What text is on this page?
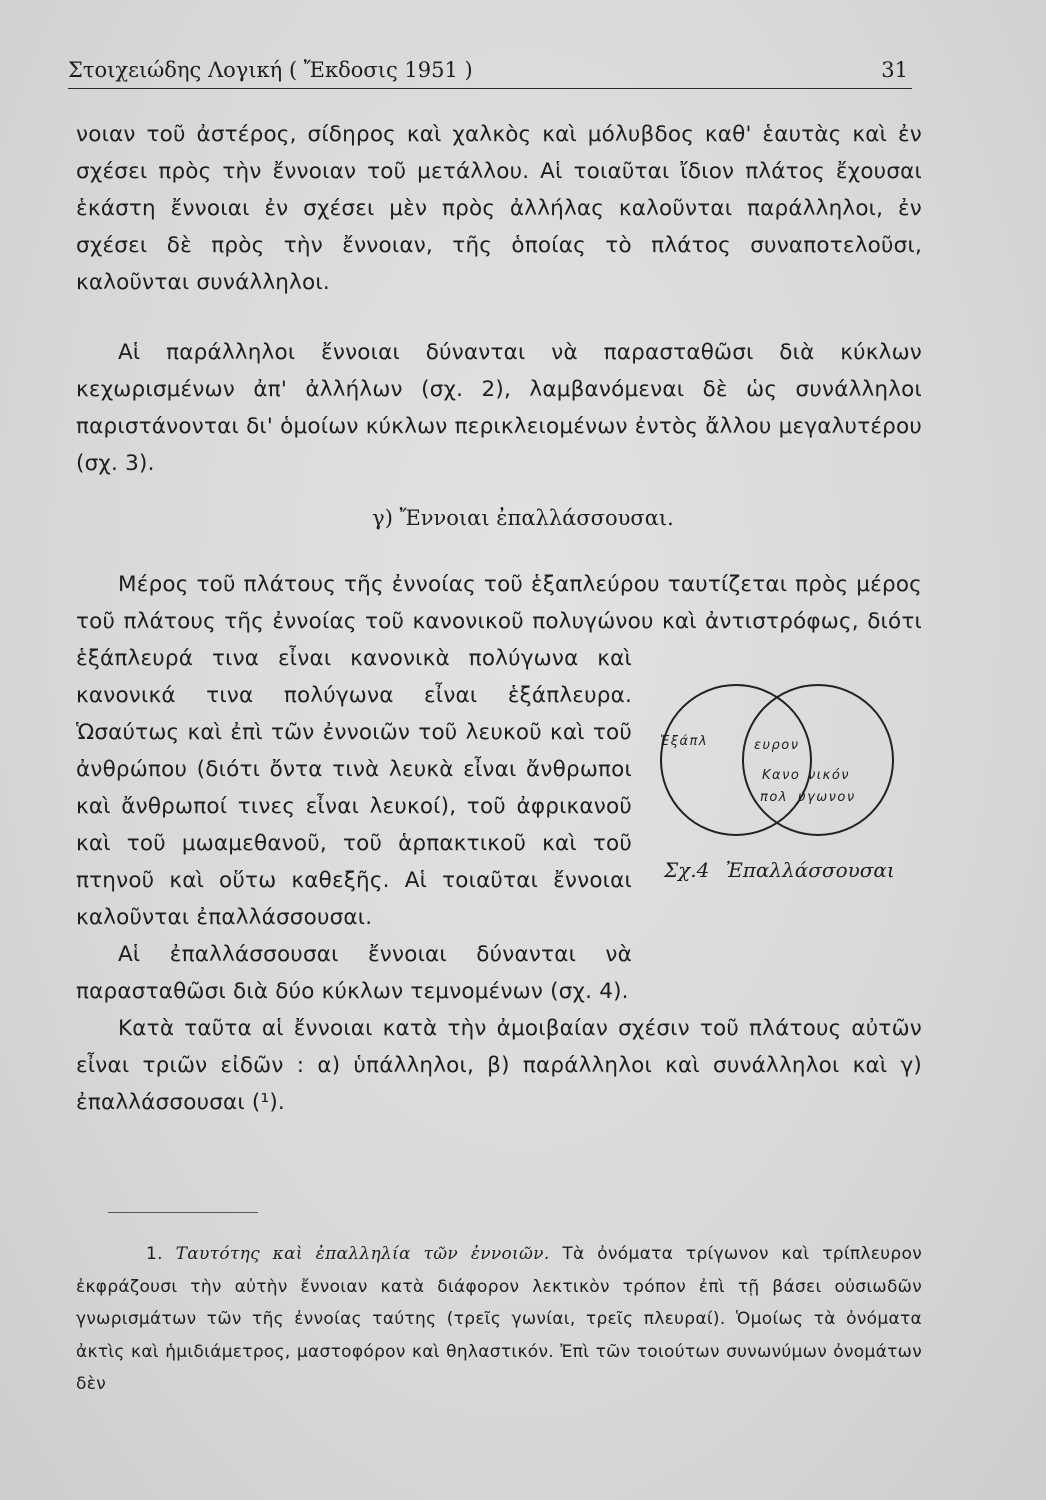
Στοιχειώδης Λογική ( Ἔκδοσις 1951 )	31

νοιαν τοῦ ἀστέρος, σίδηρος καὶ χαλκὸς καὶ μόλυβδος καθ' ἑαυτὰς καὶ ἐν σχέσει πρὸς τὴν ἔννοιαν τοῦ μετάλλου. Αἱ τοιαῦται ἴδιον πλάτος ἔχουσαι ἑκάστη ἔννοιαι ἐν σχέσει μὲν πρὸς ἀλλήλας καλοῦνται παράλληλοι, ἐν σχέσει δὲ πρὸς τὴν ἔννοιαν, τῆς ὁποίας τὸ πλάτος συναποτελοῦσι, καλοῦνται συνάλληλοι.

Αἱ παράλληλοι ἔννοιαι δύνανται νὰ παρασταθῶσι διὰ κύκλων κεχωρισμένων ἀπ' ἀλλήλων (σχ. 2), λαμβανόμεναι δὲ ὡς συνάλληλοι παριστάνονται δι' ὁμοίων κύκλων περικλειομένων ἐντὸς ἄλλου μεγαλυτέρου (σχ. 3).

γ) Ἔννοιαι ἐπαλλάσσουσαι.

Μέρος τοῦ πλάτους τῆς ἐννοίας τοῦ ἑξαπλεύρου ταυτίζεται πρὸς μέρος τοῦ πλάτους τῆς ἐννοίας τοῦ κανονικοῦ πολυγώνου καὶ ἀντιστρόφως, διότι ἑξάπλευρά τινα εἶναι κανονικὰ πολύγωνα καὶ κανονικά τινα πολύγωνα εἶναι ἑξάπλευρα. Ὡσαύτως καὶ ἐπὶ τῶν ἐννοιῶν τοῦ λευκοῦ καὶ τοῦ ἀνθρώπου (διότι ὄντα τινὰ λευκὰ εἶναι ἄνθρωποι καὶ ἄνθρωποί τινες εἶναι λευκοί), τοῦ ἀφρικανοῦ καὶ τοῦ μωαμεθανοῦ, τοῦ ἁρπακτικοῦ καὶ τοῦ πτηνοῦ καὶ οὕτω καθεξῆς. Αἱ τοιαῦται ἔννοιαι καλοῦνται ἐπαλλάσσουσαι.

Αἱ ἐπαλλάσσουσαι ἔννοιαι δύνανται νὰ παρασταθῶσι διὰ δύο κύκλων τεμνομένων (σχ. 4).

Κατὰ ταῦτα αἱ ἔννοιαι κατὰ τὴν ἀμοιβαίαν σχέσιν τοῦ πλάτους αὐτῶν εἶναι τριῶν εἰδῶν : α) ὑπάλληλοι, β) παράλληλοι καὶ συνάλληλοι καὶ γ) ἐπαλλάσσουσαι (¹).

Ἑξάπλ	ευρον
Κανο
πολ
νικόν
ύγωνον
Σχ.4 Ἐπαλλάσσουσαι

1. Ταυτότης καὶ ἐπαλληλία τῶν ἐννοιῶν. Τὰ ὀνόματα τρίγωνον καὶ τρίπλευρον ἐκφράζουσι τὴν αὐτὴν ἔννοιαν κατὰ διάφορον λεκτικὸν τρόπον ἐπὶ τῇ βάσει οὐσιωδῶν γνωρισμάτων τῶν τῆς ἐννοίας ταύτης (τρεῖς γωνίαι, τρεῖς πλευραί). Ὁμοίως τὰ ὀνόματα ἀκτὶς καὶ ἡμιδιάμετρος, μαστοφόρον καὶ θηλαστικόν. Ἐπὶ τῶν τοιούτων συνωνύμων ὀνομάτων δὲν
